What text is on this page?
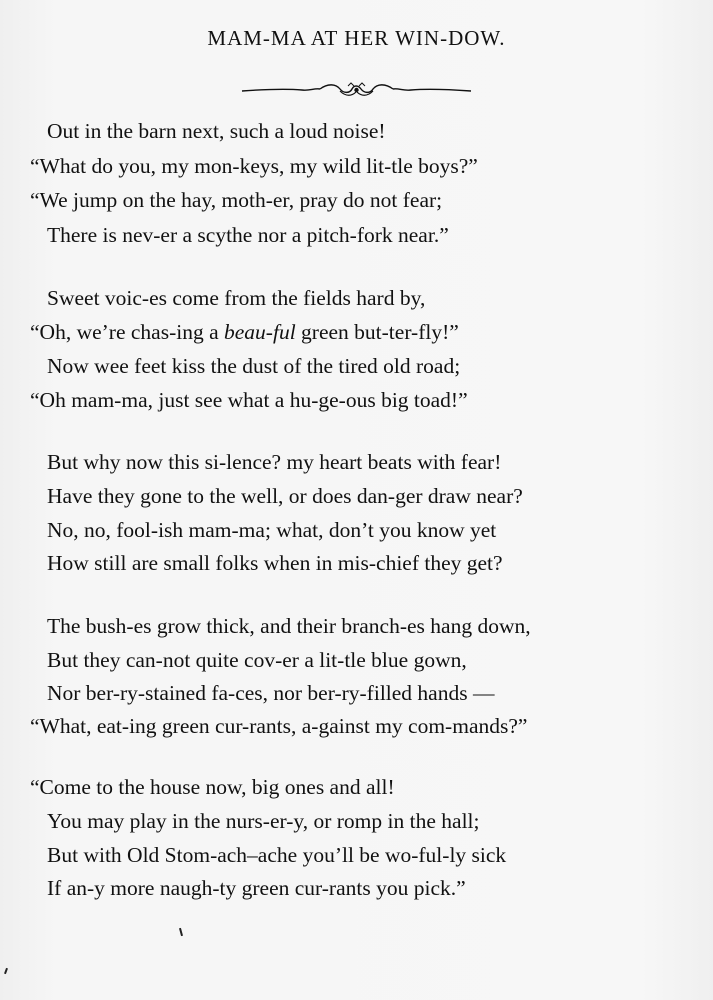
MAM-MA AT HER WIN-DOW.
Out in the barn next, such a loud noise!
“What do you, my mon-keys, my wild lit-tle boys?”
“We jump on the hay, moth-er, pray do not fear;
There is nev-er a scythe nor a pitch-fork near.”
Sweet voic-es come from the fields hard by,
“Oh, we’re chas-ing a beau-ful green but-ter-fly!”
Now wee feet kiss the dust of the tired old road;
“Oh mam-ma, just see what a hu-ge-ous big toad!”
But why now this si-lence? my heart beats with fear!
Have they gone to the well, or does dan-ger draw near?
No, no, fool-ish mam-ma; what, don’t you know yet
How still are small folks when in mis-chief they get?
The bush-es grow thick, and their branch-es hang down,
But they can-not quite cov-er a lit-tle blue gown,
Nor ber-ry-stained fa-ces, nor ber-ry-filled hands —
“What, eat-ing green cur-rants, a-gainst my com-mands?”
“Come to the house now, big ones and all!
You may play in the nurs-er-y, or romp in the hall;
But with Old Stom-ach–ache you’ll be wo-ful-ly sick
If an-y more naugh-ty green cur-rants you pick.”
